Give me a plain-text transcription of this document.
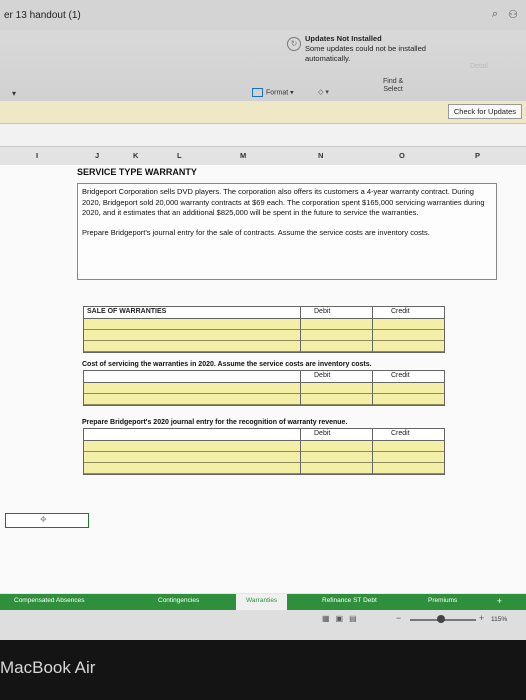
er 13 handout (1)	⌕ ⚇
Detail
↻
Updates Not Installed
Some updates could not be installed
automatically.
▾	Format ▾	◇ ▾
Find &
Select
Check for Updates
I	J	K	L	M	N	O	P
SERVICE TYPE WARRANTY

Bridgeport Corporation sells DVD players. The corporation also offers its customers a 4-year warranty contract. During 2020, Bridgeport sold 20,000 warranty contracts at $69 each. The corporation spent $165,000 servicing warranties during 2020, and it estimates that an additional $825,000 will be spent in the future to service the warranties.

Prepare Bridgeport's journal entry for the sale of contracts. Assume the service costs are inventory costs.

SALE OF WARRANTIES	Debit	Credit
Cost of servicing the warranties in 2020. Assume the service costs are inventory costs.
Debit	Credit
Prepare Bridgeport's 2020 journal entry for the recognition of warranty revenue.
Debit	Credit
✥
Compensated Absences	Contingencies	Warranties	Refinance ST Debt	Premiums	+
▦▣▤	−	+ 115%
MacBook Air
